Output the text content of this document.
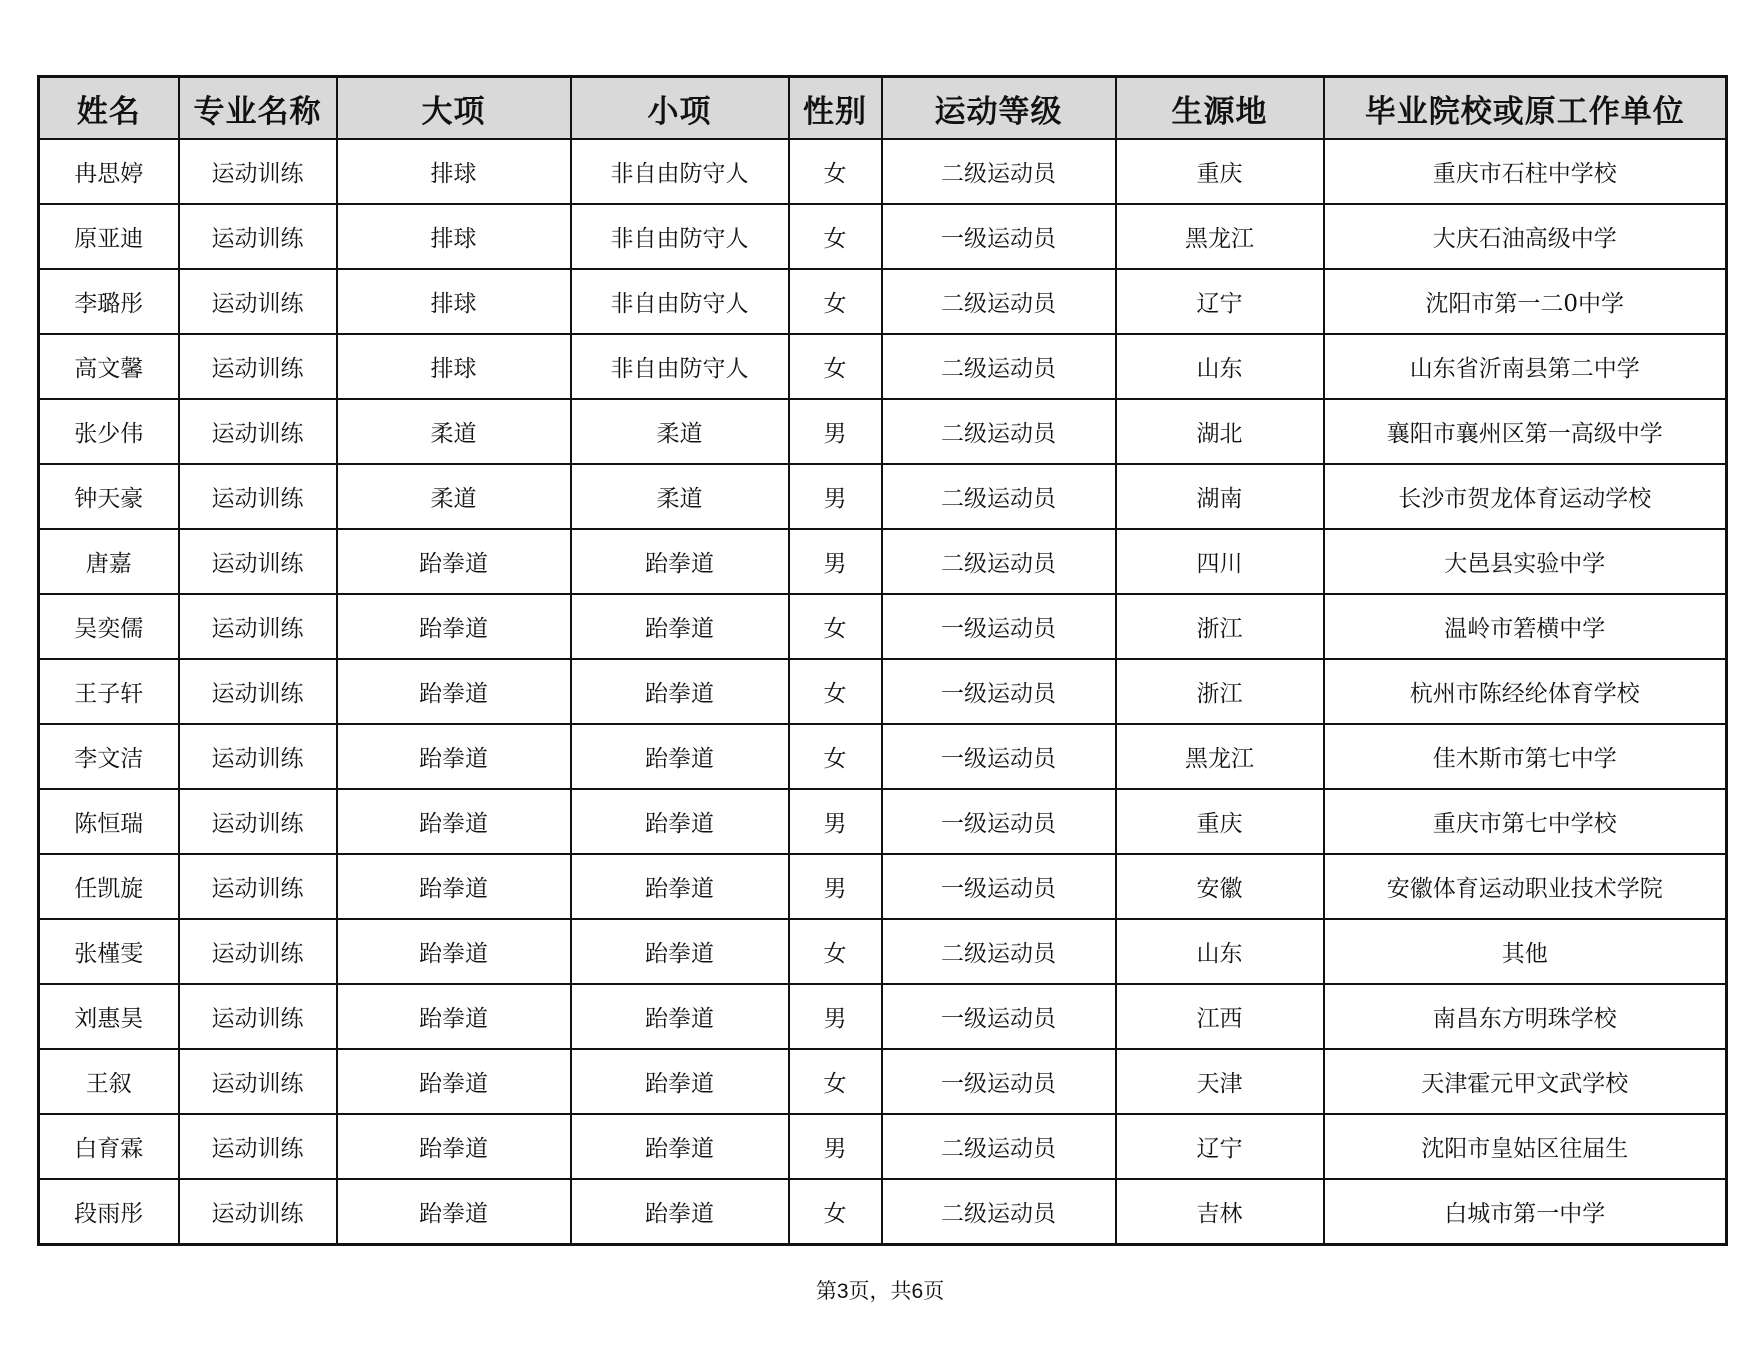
姓名	专业名称	大项	小项	性别	运动等级	生源地	毕业院校或原工作单位
冉思婷	运动训练	排球	非自由防守人	女	二级运动员	重庆	重庆市石柱中学校
原亚迪	运动训练	排球	非自由防守人	女	一级运动员	黑龙江	大庆石油高级中学
李璐彤	运动训练	排球	非自由防守人	女	二级运动员	辽宁	沈阳市第一二0中学
高文馨	运动训练	排球	非自由防守人	女	二级运动员	山东	山东省沂南县第二中学
张少伟	运动训练	柔道	柔道	男	二级运动员	湖北	襄阳市襄州区第一高级中学
钟天豪	运动训练	柔道	柔道	男	二级运动员	湖南	长沙市贺龙体育运动学校
唐嘉	运动训练	跆拳道	跆拳道	男	二级运动员	四川	大邑县实验中学
吴奕儒	运动训练	跆拳道	跆拳道	女	一级运动员	浙江	温岭市箬横中学
王子轩	运动训练	跆拳道	跆拳道	女	一级运动员	浙江	杭州市陈经纶体育学校
李文洁	运动训练	跆拳道	跆拳道	女	一级运动员	黑龙江	佳木斯市第七中学
陈恒瑞	运动训练	跆拳道	跆拳道	男	一级运动员	重庆	重庆市第七中学校
任凯旋	运动训练	跆拳道	跆拳道	男	一级运动员	安徽	安徽体育运动职业技术学院
张槿雯	运动训练	跆拳道	跆拳道	女	二级运动员	山东	其他
刘惠昊	运动训练	跆拳道	跆拳道	男	一级运动员	江西	南昌东方明珠学校
王叙	运动训练	跆拳道	跆拳道	女	一级运动员	天津	天津霍元甲文武学校
白育霖	运动训练	跆拳道	跆拳道	男	二级运动员	辽宁	沈阳市皇姑区往届生
段雨彤	运动训练	跆拳道	跆拳道	女	二级运动员	吉林	白城市第一中学
第3页，共6页
